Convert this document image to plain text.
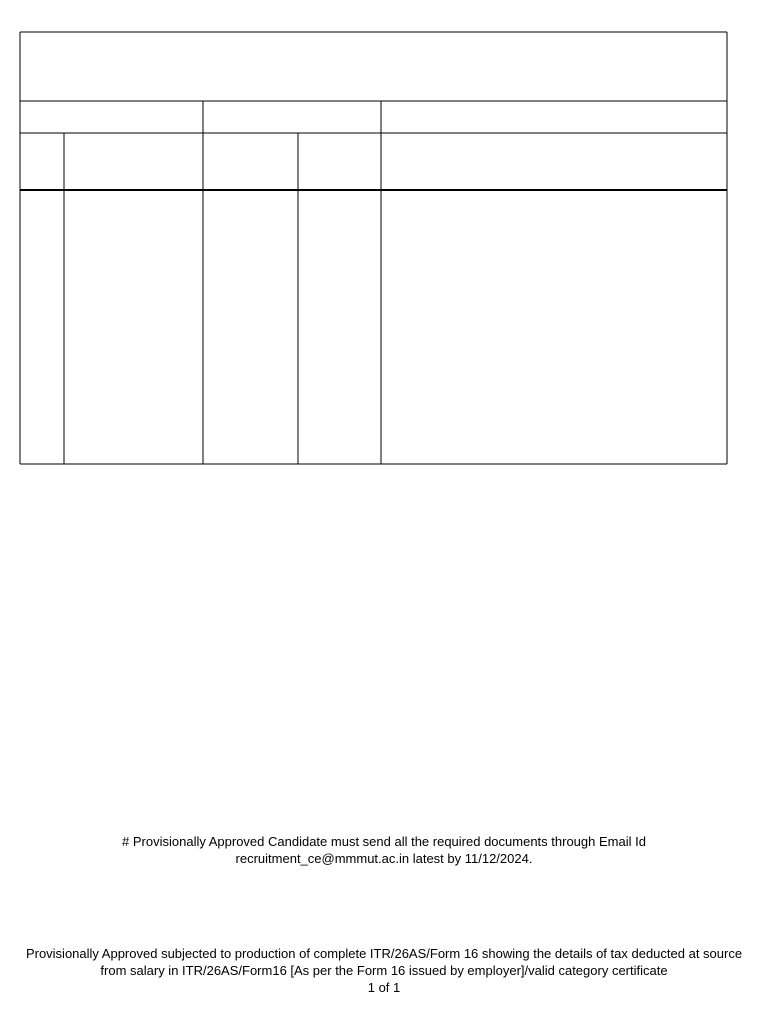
# Provisionally Approved Candidate must send all the required documents through Email Id
recruitment_ce@mmmut.ac.in latest by 11/12/2024.
Provisionally Approved subjected to production of complete ITR/26AS/Form 16 showing the details of tax deducted at source
from salary in ITR/26AS/Form16 [As per the Form 16 issued by employer]/valid category certificate
1 of 1
